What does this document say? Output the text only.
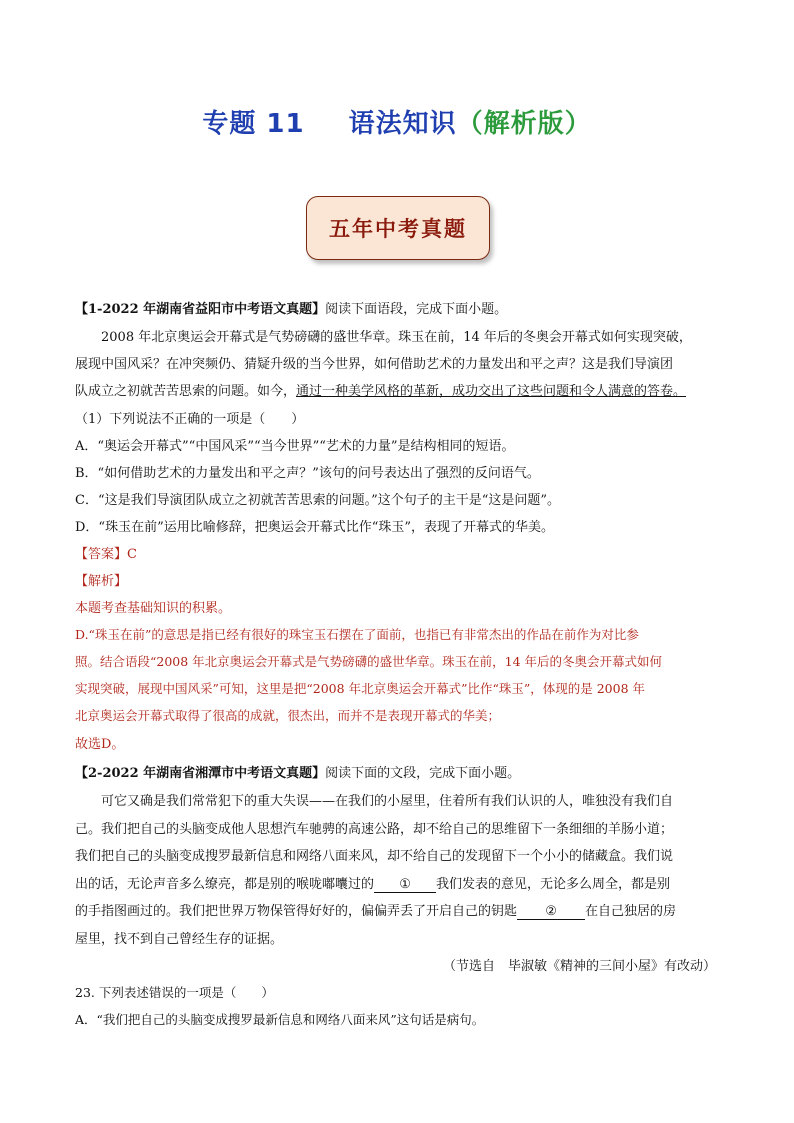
专题 11 语法知识（解析版）
五年中考真题
【1-2022 年湖南省益阳市中考语文真题】阅读下面语段，完成下面小题。
2008 年北京奥运会开幕式是气势磅礴的盛世华章。珠玉在前，14 年后的冬奥会开幕式如何实现突破，
展现中国风采？在冲突频仍、猜疑升级的当今世界，如何借助艺术的力量发出和平之声？这是我们导演团
队成立之初就苦苦思索的问题。如今，通过一种美学风格的革新，成功交出了这些问题和令人满意的答卷。
（1）下列说法不正确的一项是（　　）
A．“奥运会开幕式”“中国风采”“当今世界”“艺术的力量”是结构相同的短语。
B．“如何借助艺术的力量发出和平之声？”该句的问号表达出了强烈的反问语气。
C．“这是我们导演团队成立之初就苦苦思索的问题。”这个句子的主干是“这是问题”。
D．“珠玉在前”运用比喻修辞，把奥运会开幕式比作“珠玉”，表现了开幕式的华美。
【答案】C
【解析】
本题考查基础知识的积累。
D.“珠玉在前”的意思是指已经有很好的珠宝玉石摆在了面前，也指已有非常杰出的作品在前作为对比参
照。结合语段“2008 年北京奥运会开幕式是气势磅礴的盛世华章。珠玉在前，14 年后的冬奥会开幕式如何
实现突破，展现中国风采”可知，这里是把“2008 年北京奥运会开幕式”比作“珠玉”，体现的是 2008 年
北京奥运会开幕式取得了很高的成就，很杰出，而并不是表现开幕式的华美；
故选D。
【2-2022 年湖南省湘潭市中考语文真题】阅读下面的文段，完成下面小题。
可它又确是我们常常犯下的重大失误——在我们的小屋里，住着所有我们认识的人，唯独没有我们自
己。我们把自己的头脑变成他人思想汽车驰骋的高速公路，却不给自己的思维留下一条细细的羊肠小道；
我们把自己的头脑变成搜罗最新信息和网络八面来风，却不给自己的发现留下一个小小的储藏盒。我们说
出的话，无论声音多么缭亮，都是别的喉咙嘟囔过的 ① 我们发表的意见，无论多么周全，都是别
的手指图画过的。我们把世界万物保管得好好的，偏偏弄丢了开启自己的钥匙 ② 在自己独居的房
屋里，找不到自己曾经生存的证据。
（节选自　毕淑敏《精神的三间小屋》有改动）
23. 下列表述错误的一项是（　　）
A．“我们把自己的头脑变成搜罗最新信息和网络八面来风”这句话是病句。
